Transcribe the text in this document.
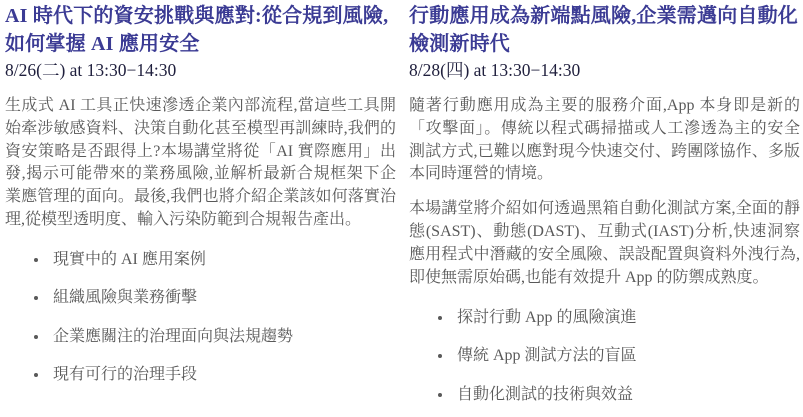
AI 時代下的資安挑戰與應對:從合規到風險,如何掌握 AI 應用安全
8/26(二) at 13:30−14:30

生成式 AI 工具正快速滲透企業內部流程,當這些工具開始牽涉敏感資料、決策自動化甚至模型再訓練時,我們的資安策略是否跟得上?本場講堂將從「AI 實際應用」出發,揭示可能帶來的業務風險,並解析最新合規框架下企業應管理的面向。最後,我們也將介紹企業該如何落實治理,從模型透明度、輸入污染防範到合規報告產出。

• 現實中的 AI 應用案例
• 組織風險與業務衝擊
• 企業應關注的治理面向與法規趨勢
• 現有可行的治理手段
行動應用成為新端點風險,企業需邁向自動化檢測新時代
8/28(四) at 13:30−14:30

隨著行動應用成為主要的服務介面,App 本身即是新的「攻擊面」。傳統以程式碼掃描或人工滲透為主的安全測試方式,已難以應對現今快速交付、跨團隊協作、多版本同時運營的情境。

本場講堂將介紹如何透過黑箱自動化測試方案,全面的靜態(SAST)、動態(DAST)、互動式(IAST)分析,快速洞察應用程式中潛藏的安全風險、誤設配置與資料外洩行為,即使無需原始碼,也能有效提升 App 的防禦成熟度。

• 探討行動 App 的風險演進
• 傳統 App 測試方法的盲區
• 自動化測試的技術與效益
